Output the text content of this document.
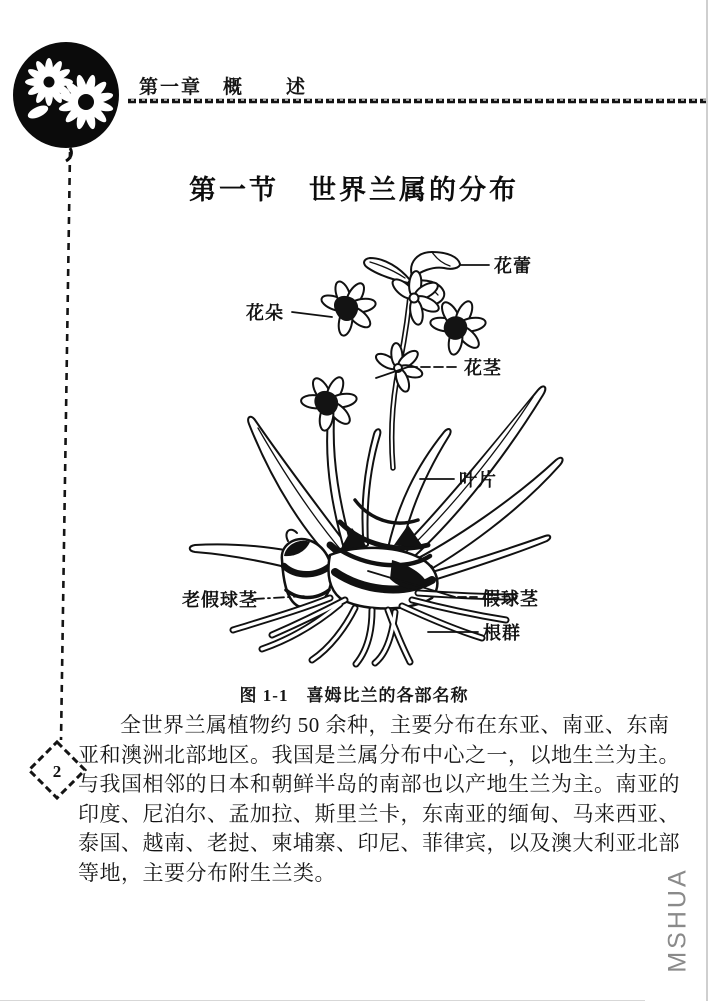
2
花蕾
花朵
花茎
叶片
老假球茎	假球茎
根群
第一章　概　　述
第一节　世界兰属的分布
图 1-1　喜姆比兰的各部名称
全世界兰属植物约 50 余种，主要分布在东亚、南亚、东南
亚和澳洲北部地区。我国是兰属分布中心之一，以地生兰为主。
与我国相邻的日本和朝鲜半岛的南部也以产地生兰为主。南亚的
印度、尼泊尔、孟加拉、斯里兰卡，东南亚的缅甸、马来西亚、
泰国、越南、老挝、柬埔寨、印尼、菲律宾，以及澳大利亚北部
等地，主要分布附生兰类。	MSHUA
